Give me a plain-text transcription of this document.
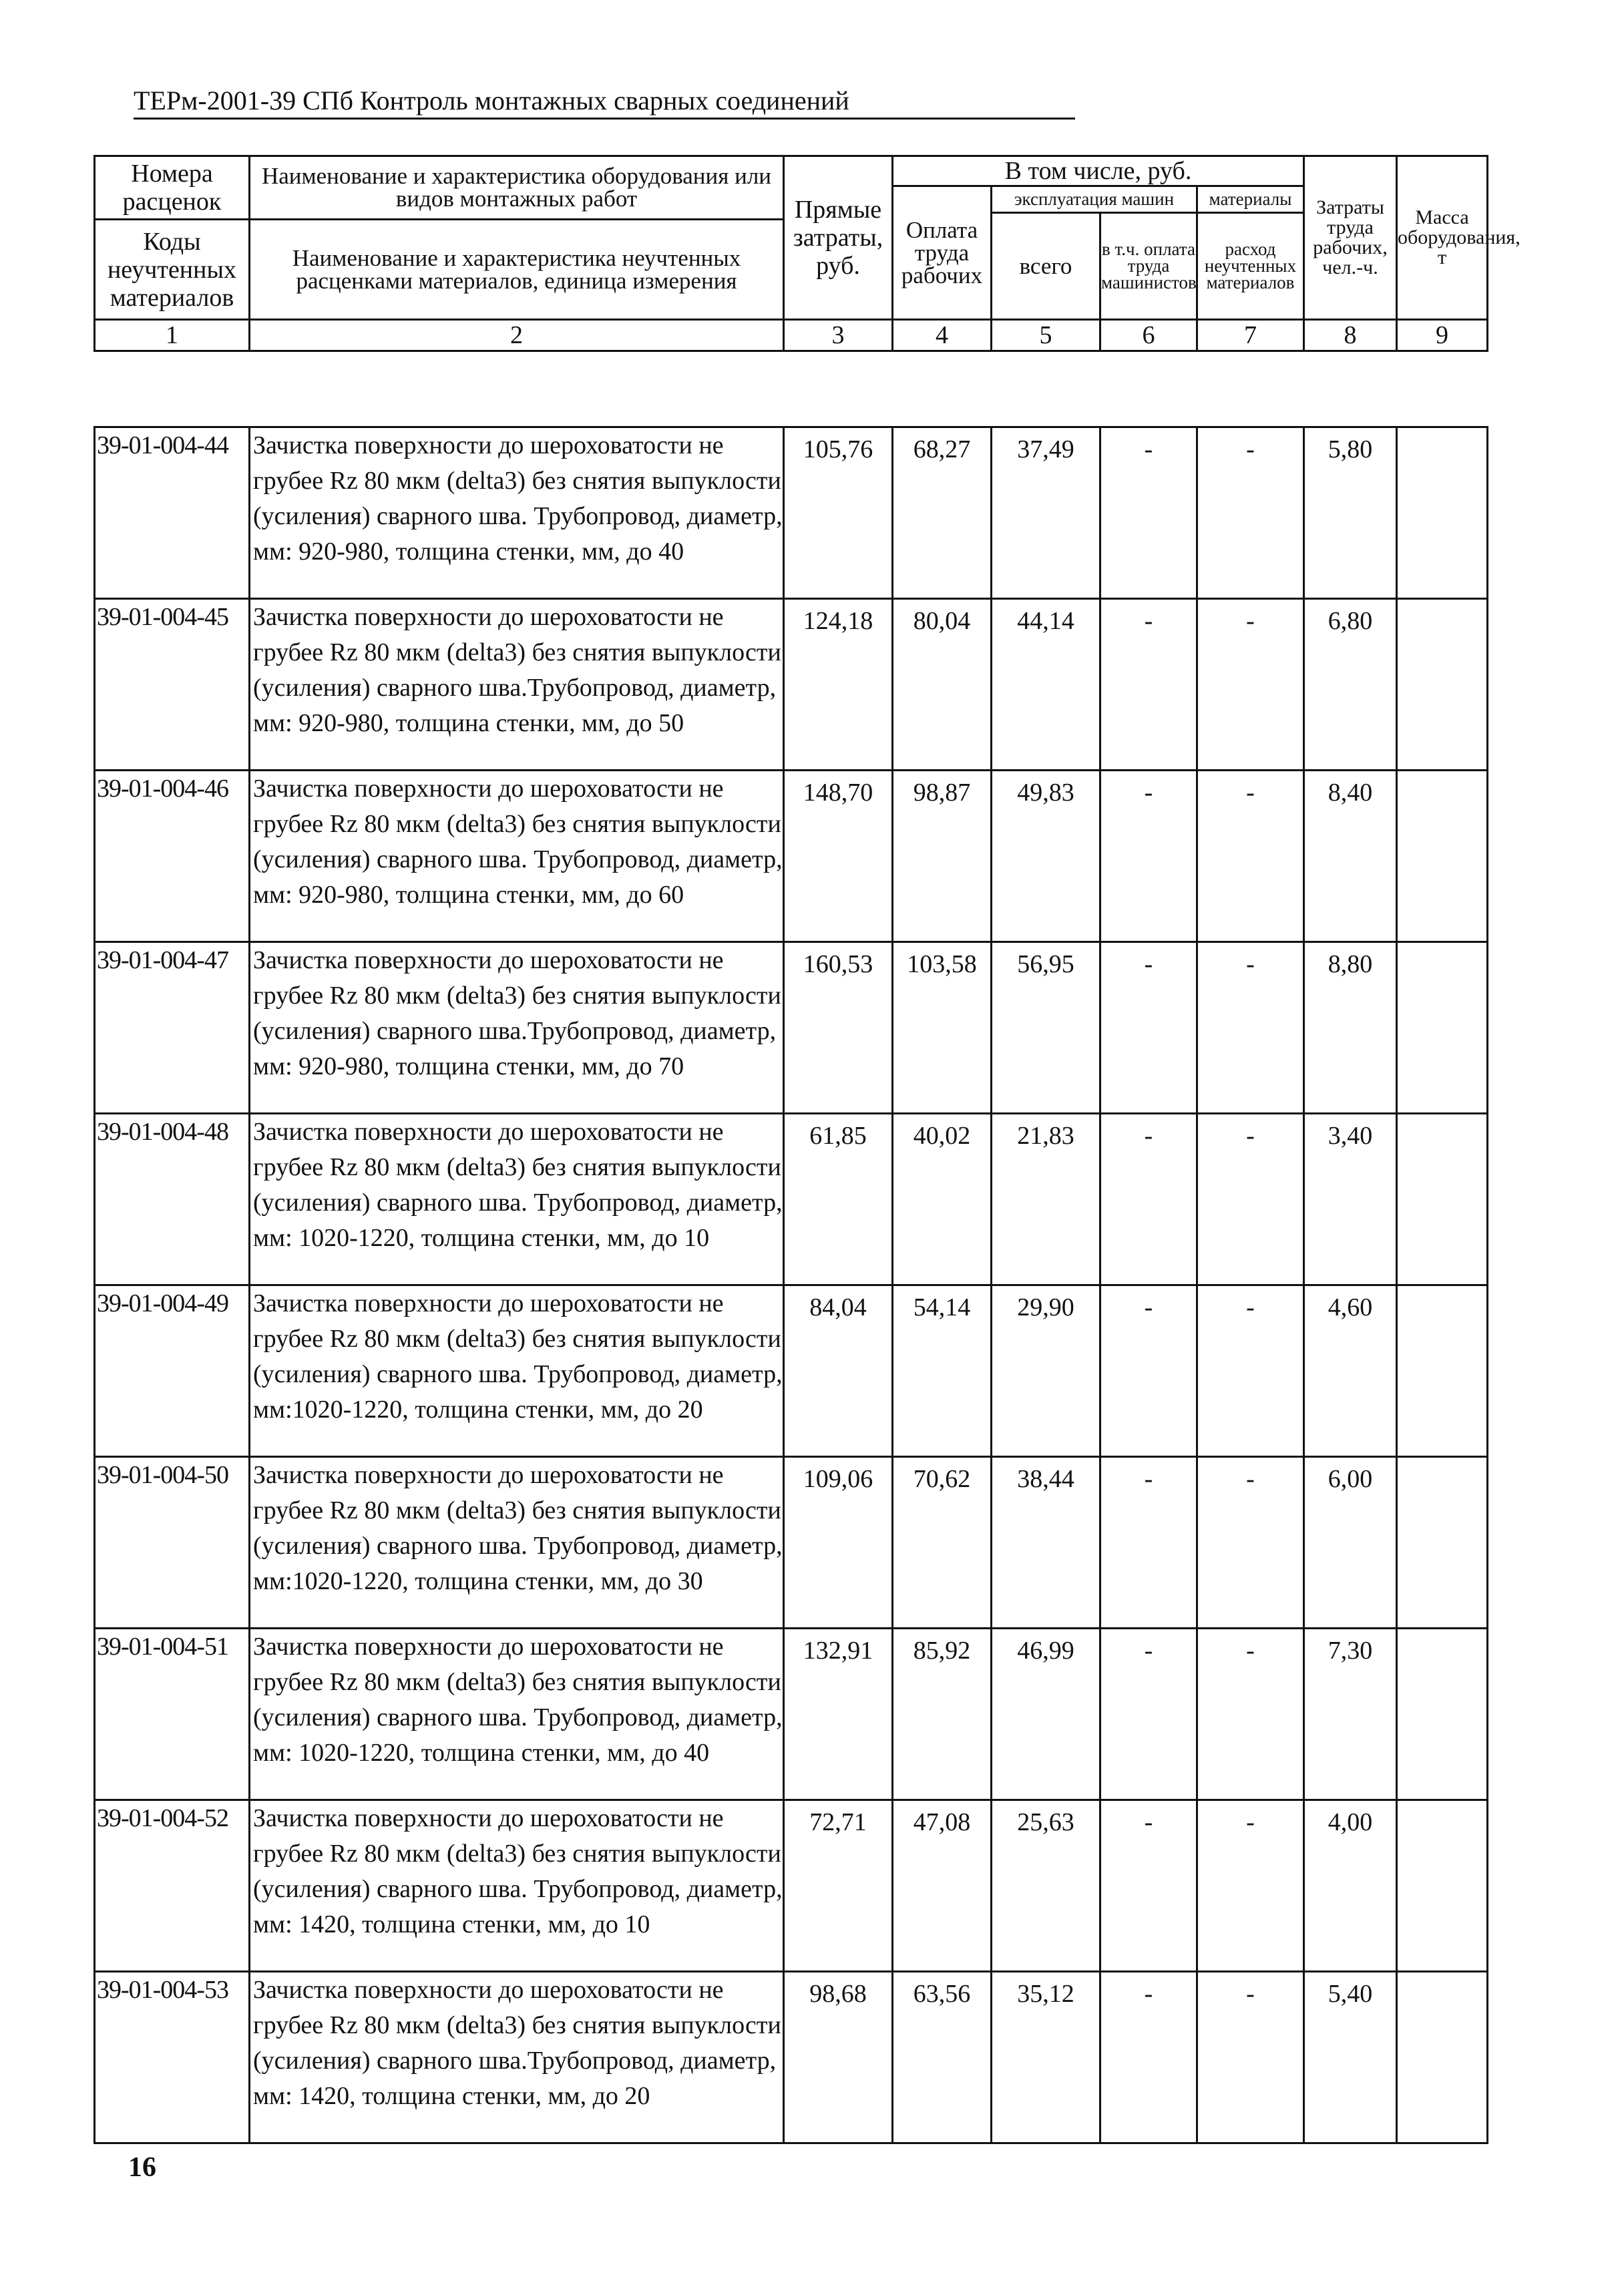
ТЕРм-2001-39 СПб Контроль монтажных сварных соединений
Номера расценок	Наименование и характеристика оборудования или видов монтажных работ	Прямые затраты, руб.	В том числе, руб.				Затраты труда рабочих, чел.-ч.	Масса оборудования, т
			Оплата труда рабочих	эксплуатация машин		материалы		
				всего	в т.ч. оплата труда машинистов	расход неучтенных материалов		
Коды неучтенных материалов	Наименование и характеристика неучтенных расценками материалов, единица измерения							

1	2	3	4	5	6	7	8	9
39-01-004-44	Зачистка поверхности до шероховатости не грубее Rz 80 мкм (delta3) без снятия выпуклости (усиления) сварного шва. Трубопровод, диаметр, мм: 920-980, толщина стенки, мм, до 40	105,76	68,27	37,49	-	-	5,80	
39-01-004-45	Зачистка поверхности до шероховатости не грубее Rz 80 мкм (delta3) без снятия выпуклости (усиления) сварного шва.Трубопровод, диаметр, мм: 920-980, толщина стенки, мм, до 50	124,18	80,04	44,14	-	-	6,80	
39-01-004-46	Зачистка поверхности до шероховатости не грубее Rz 80 мкм (delta3) без снятия выпуклости (усиления) сварного шва. Трубопровод, диаметр, мм: 920-980, толщина стенки, мм, до 60	148,70	98,87	49,83	-	-	8,40	
39-01-004-47	Зачистка поверхности до шероховатости не грубее Rz 80 мкм (delta3) без снятия выпуклости (усиления) сварного шва.Трубопровод, диаметр, мм: 920-980, толщина стенки, мм, до 70	160,53	103,58	56,95	-	-	8,80	
39-01-004-48	Зачистка поверхности до шероховатости не грубее Rz 80 мкм (delta3) без снятия выпуклости (усиления) сварного шва. Трубопровод, диаметр, мм: 1020-1220, толщина стенки, мм, до 10	61,85	40,02	21,83	-	-	3,40	
39-01-004-49	Зачистка поверхности до шероховатости не грубее Rz 80 мкм (delta3) без снятия выпуклости (усиления) сварного шва. Трубопровод, диаметр, мм:1020-1220, толщина стенки, мм, до 20	84,04	54,14	29,90	-	-	4,60	
39-01-004-50	Зачистка поверхности до шероховатости не грубее Rz 80 мкм (delta3) без снятия выпуклости (усиления) сварного шва. Трубопровод, диаметр, мм:1020-1220, толщина стенки, мм, до 30	109,06	70,62	38,44	-	-	6,00	
39-01-004-51	Зачистка поверхности до шероховатости не грубее Rz 80 мкм (delta3) без снятия выпуклости (усиления) сварного шва. Трубопровод, диаметр, мм: 1020-1220, толщина стенки, мм, до 40	132,91	85,92	46,99	-	-	7,30	
39-01-004-52	Зачистка поверхности до шероховатости не грубее Rz 80 мкм (delta3) без снятия выпуклости (усиления) сварного шва. Трубопровод, диаметр, мм: 1420, толщина стенки, мм, до 10	72,71	47,08	25,63	-	-	4,00	
39-01-004-53	Зачистка поверхности до шероховатости не грубее Rz 80 мкм (delta3) без снятия выпуклости (усиления) сварного шва.Трубопровод, диаметр, мм: 1420, толщина стенки, мм, до 20	98,68	63,56	35,12	-	-	5,40	
16
